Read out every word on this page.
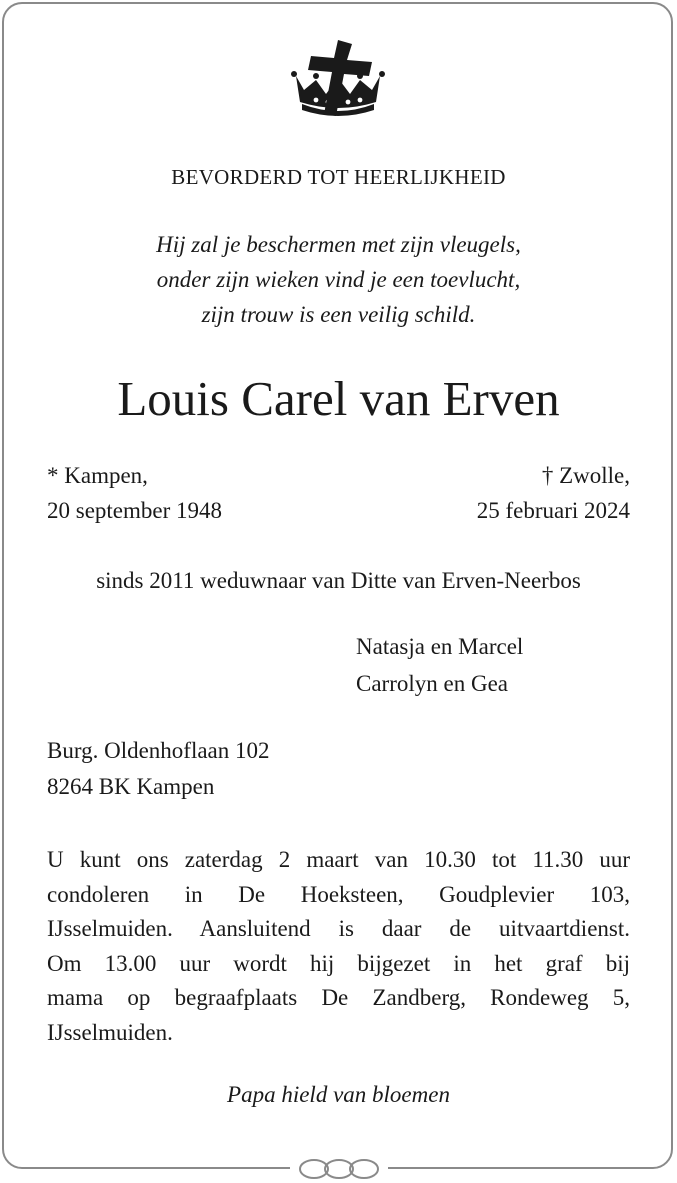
BEVORDERD TOT HEERLIJKHEID
Hij zal je beschermen met zijn vleugels,
onder zijn wieken vind je een toevlucht,
zijn trouw is een veilig schild.
Louis Carel van Erven
* Kampen,
20 september 1948
† Zwolle,
25 februari 2024
sinds 2011 weduwnaar van Ditte van Erven-Neerbos
Natasja en Marcel
Carrolyn en Gea
Burg. Oldenhoflaan 102
8264 BK Kampen
U kunt ons zaterdag 2 maart van 10.30 tot 11.30 uur
condoleren in De Hoeksteen, Goudplevier 103,
IJsselmuiden. Aansluitend is daar de uitvaartdienst.
Om 13.00 uur wordt hij bijgezet in het graf bij
mama op begraafplaats De Zandberg, Rondeweg 5,
IJsselmuiden.
Papa hield van bloemen
